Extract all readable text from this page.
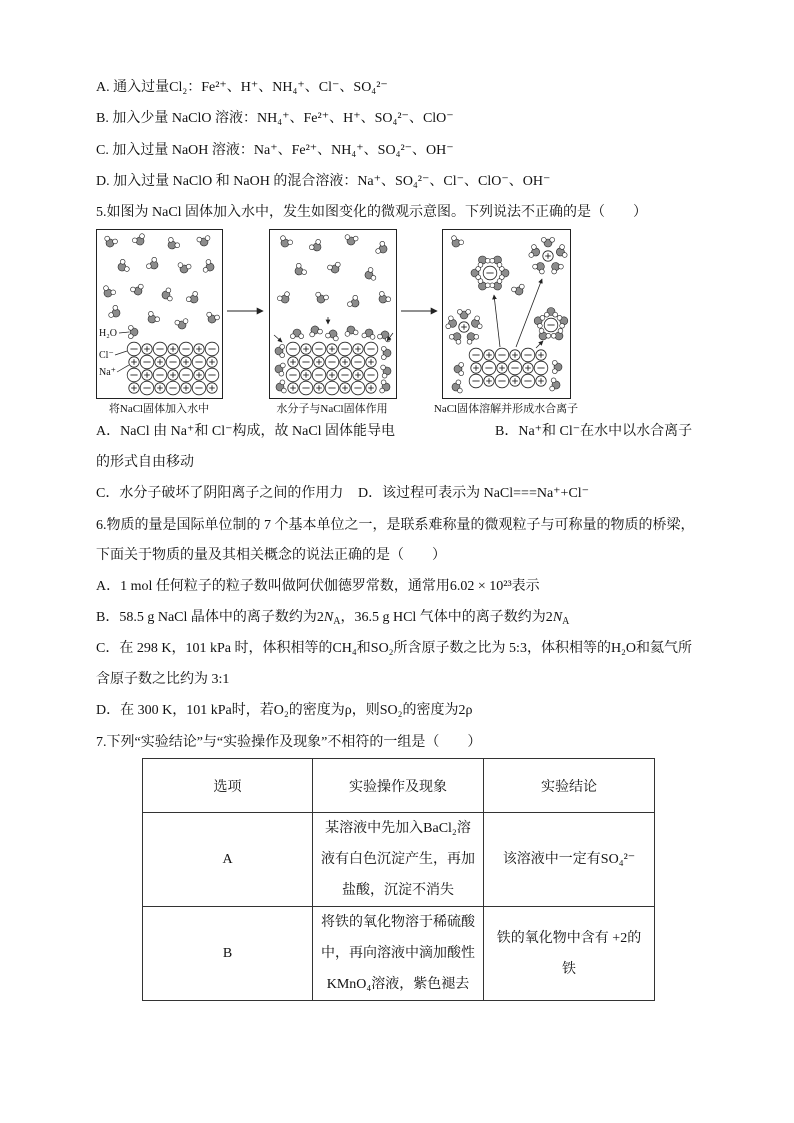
A. 通入过量Cl₂：Fe²⁺、H⁺、NH₄⁺、Cl⁻、SO₄²⁻
B. 加入少量 NaClO 溶液：NH₄⁺、Fe²⁺、H⁺、SO₄²⁻、ClO⁻
C. 加入过量 NaOH 溶液：Na⁺、Fe²⁺、NH₄⁺、SO₄²⁻、OH⁻
D. 加入过量 NaClO 和 NaOH 的混合溶液：Na⁺、SO₄²⁻、Cl⁻、ClO⁻、OH⁻
5.如图为 NaCl 固体加入水中，发生如图变化的微观示意图。下列说法不正确的是（　　）
H₂O
Cl⁻
Na⁺
将NaCl固体加入水中	水分子与NaCl固体作用	NaCl固体溶解并形成水合离子
A．NaCl 由 Na⁺和 Cl⁻构成，故 NaCl 固体能导电	B．Na⁺和 Cl⁻在水中以水合离子
的形式自由移动
C．水分子破坏了阴阳离子之间的作用力 D．该过程可表示为 NaCl===Na⁺+Cl⁻
6.物质的量是国际单位制的 7 个基本单位之一，是联系难称量的微观粒子与可称量的物质的桥梁，
下面关于物质的量及其相关概念的说法正确的是（　　）
A．1 mol 任何粒子的粒子数叫做阿伏伽德罗常数，通常用6.02 × 10²³表示
B．58.5 g NaCl 晶体中的离子数约为$2N_A$，36.5 g HCl 气体中的离子数约为$2N_A$
C．在 298 K，101 kPa 时，体积相等的CH₄和SO₂所含原子数之比为 5:3，体积相等的H₂O和氦气所
含原子数之比约为 3:1
D．在 300 K，101 kPa时，若O₂的密度为ρ，则SO₂的密度为2ρ
7.下列“实验结论”与“实验操作及现象”不相符的一组是（　　）
选项	实验操作及现象	实验结论
A	某溶液中先加入BaCl₂溶
液有白色沉淀产生，再加
盐酸，沉淀不消失	该溶液中一定有SO₄²⁻

B	将铁的氧化物溶于稀硫酸
中，再向溶液中滴加酸性
KMnO₄溶液，紫色褪去	铁的氧化物中含有 +2的
铁
